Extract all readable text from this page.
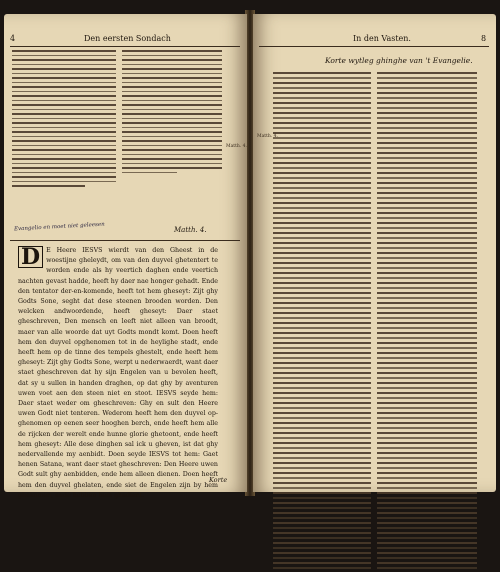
4	Den eersten Sondach
Matth. 4.
Evangelio en moet niet geleesen	Matth. 4.
D E Heere IESVS wierdt van den Gheest in de woestijne gheleydt, om van den duyvel ghetentert te worden ende als hy veertich daghen ende veertich nachten gevast hadde, heeft hy daer nae honger gehadt. Ende den tentator der-en-komende, heeft tot hem gheseyt: Zijt ghy Godts Sone, seght dat dese steenen brooden worden. Den welcken andwoordende, heeft gheseyt: Daer staet gheschreven, Den mensch en leeft niet alleen van broodt, maer van alle woorde dat uyt Godts mondt komt. Doen heeft hem den duyvel opghenomen tot in de heylighe stadt, ende heeft hem op de tinne des tempels ghestelt, ende heeft hem gheseyt: Zijt ghy Godts Sone, werpt u nederwaerdt, want daer staet gheschreven dat hy sijn Engelen van u bevolen heeft, dat sy u sullen in handen draghen, op dat ghy by aventuren uwen voet aen den steen niet en stoot. IESVS seyde hem: Daer staet weder om gheschreven: Ghy en sult den Heere uwen Godt niet tenteren. Wederom heeft hem den duyvel op-ghenomen op eenen seer hooghen berch, ende heeft hem alle de rijcken der werelt ende hunne glorie ghetoont, ende heeft hem gheseyt: Alle dese dinghen sal ick u gheven, ist dat ghy nedervallende my aenbidt. Doen seyde IESVS tot hem: Gaet henen Satana, want daer staet gheschreven: Den Heere uwen Godt sult ghy aenbidden, ende hem alleen dienen. Doen heeft hem den duyvel ghelaten, ende siet de Engelen zijn by hem ghekomen, ende hebben hem ghedient.
Korte
In den Vasten.	8
Korte wytleg ghinghe van 't Evangelie.
Matth. 4.
